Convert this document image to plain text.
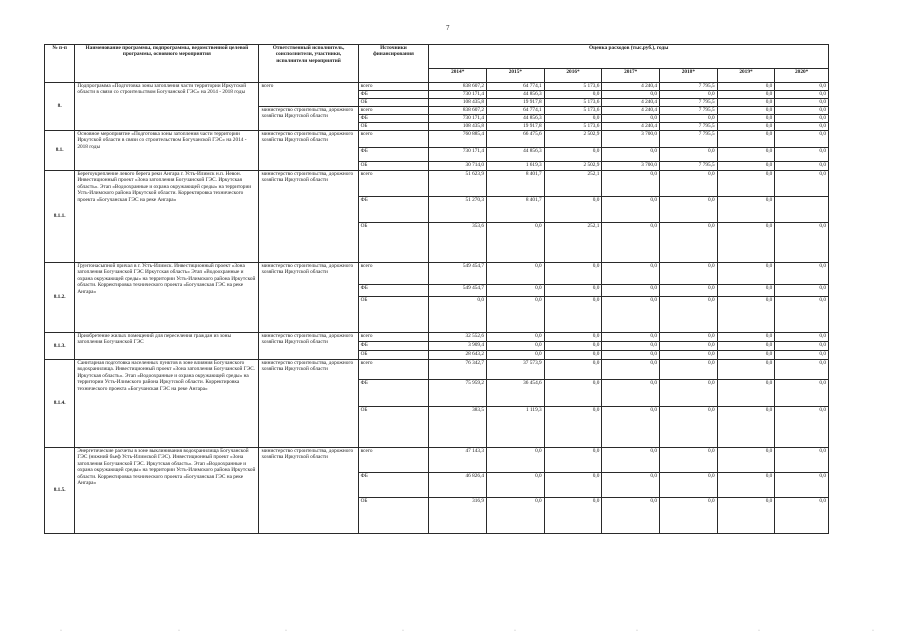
7
№ п-п	Наименование программы, подпрограммы, ведомственной целевой программы, основного мероприятия	Ответственный исполнитель, соисполнители, участники, исполнители мероприятий	Источники финансирования	Оценка расходов (тыс.руб.), годы						
				2014*	2015*	2016*	2017*	2018*	2019*	2020*
8.	Подпрограмма «Подготовка зоны затопления части территории Иркутской области в связи со строительством Богучанской ГЭС» на 2014 - 2018 годы	всего	всего	838 607,2	64 774,1	5 173,6	4 240,4	7 795,5	0,0	0,0
			ФБ	730 171,4	44 856,3	0,0	0,0	0,0	0,0	0,0
			ОБ	108 435,8	19 917,8	5 173,6	4 240,4	7 795,5	0,0	0,0
		министерство строительства, дорожного хозяйства Иркутской области	всего	838 607,2	64 774,1	5 173,6	4 240,4	7 795,5	0,0	0,0
			ФБ	730 171,4	44 856,3	0,0	0,0	0,0	0,0	0,0
			ОБ	108 435,8	19 917,8	5 173,6	4 240,4	7 795,5	0,0	0,0
8.1.	Основное мероприятие «Подготовка зоны затопления части территории Иркутской области в связи со строительством Богучанской ГЭС» на 2014 - 2018 годы	министерство строительства, дорожного хозяйства Иркутской области	всего	760 885,4	66 475,6	2 502,9	3 700,0	7 795,5	0,0	0,0
			ФБ	730 171,4	44 856,3	0,0	0,0	0,0	0,0	0,0
			ОБ	30 714,0	1 619,3	2 502,9	3 700,0	7 795,5	0,0	0,0
8.1.1.	Берегоукрепление левого берега реки Ангара г. Усть-Илимск н.п. Невон. Инвестиционный проект «Зона затопления Богучанской ГЭС. Иркутская область». Этап «Водоохранные и охрана окружающей среды» на территории Усть-Илимского района Иркутской области. Корректировка технического проекта «Богучанская ГЭС на реке Ангара»	министерство строительства, дорожного хозяйства Иркутской области	всего	51 623,9	8 401,7	252,1	0,0	0,0	0,0	0,0
			ФБ	51 270,3	8 401,7	0,0	0,0	0,0	0,0	
			ОБ	353,6	0,0	252,1	0,0	0,0	0,0	0,0
8.1.2.	Грунтонасыпной причал в г. Усть-Илимск. Инвестиционный проект «Зона затопления Богучанской ГЭС Иркутская область» Этап «Водоохранные и охрана окружающей среды» на территории Усть-Илимского района Иркутской области. Корректировка технического проекта «Богучанская ГЭС на реке Ангара»	министерство строительства, дорожного хозяйства Иркутской области	всего	549 454,7	0,0	0,0	0,0	0,0	0,0	0,0
			ФБ	549 454,7	0,0	0,0	0,0	0,0	0,0	0,0
			ОБ	0,0	0,0	0,0	0,0	0,0	0,0	0,0
8.1.3.	Приобретение жилых помещений для переселения граждан из зоны затопления Богучанской ГЭС	министерство строительства, дорожного хозяйства Иркутской области	всего	32 552,6	0,0	0,0	0,0	0,0	0,0	0,0
			ФБ	3 909,4	0,0	0,0	0,0	0,0	0,0	0,0
			ОБ	28 643,2	0,0	0,0	0,0	0,0	0,0	0,0
8.1.4.	Санитарная подготовка населенных пунктов в зоне влияния Богучанского водохранилища. Инвестиционный проект «Зона затопления Богучанской ГЭС. Иркутская область». Этап «Водоохранные и охрана окружающей среды» на территории Усть-Илимского района Иркутской области. Корректировка технического проекта «Богучанская ГЭС на реке Ангара»	министерство строительства, дорожного хозяйства Иркутской области	всего	76 342,7	37 573,9	0,0	0,0	0,0	0,0	0,0
			ФБ	75 959,2	36 454,6	0,0	0,0	0,0	0,0	0,0
			ОБ	383,5	1 119,3	0,0	0,0	0,0	0,0	0,0
8.1.5.	Энергетические расчеты в зоне выклинивания водохранилища Богучанской ГЭС (нижний бьеф Усть-Илимской ГЭС). Инвестиционный проект «Зона затопления Богучанской ГЭС. Иркутская область». Этап «Водоохранные и охрана окружающей среды» на территории Усть-Илимского района Иркутской области. Корректировка технического проекта «Богучанская ГЭС на реке Ангара»	министерство строительства, дорожного хозяйства Иркутской области	всего	47 143,3	0,0	0,0	0,0	0,0	0,0	0,0
			ФБ	46 826,4	0,0	0,0	0,0	0,0	0,0	0,0
			ОБ	316,9	0,0	0,0	0,0	0,0	0,0	0,0
·	·	·	·	·	·	·	·
